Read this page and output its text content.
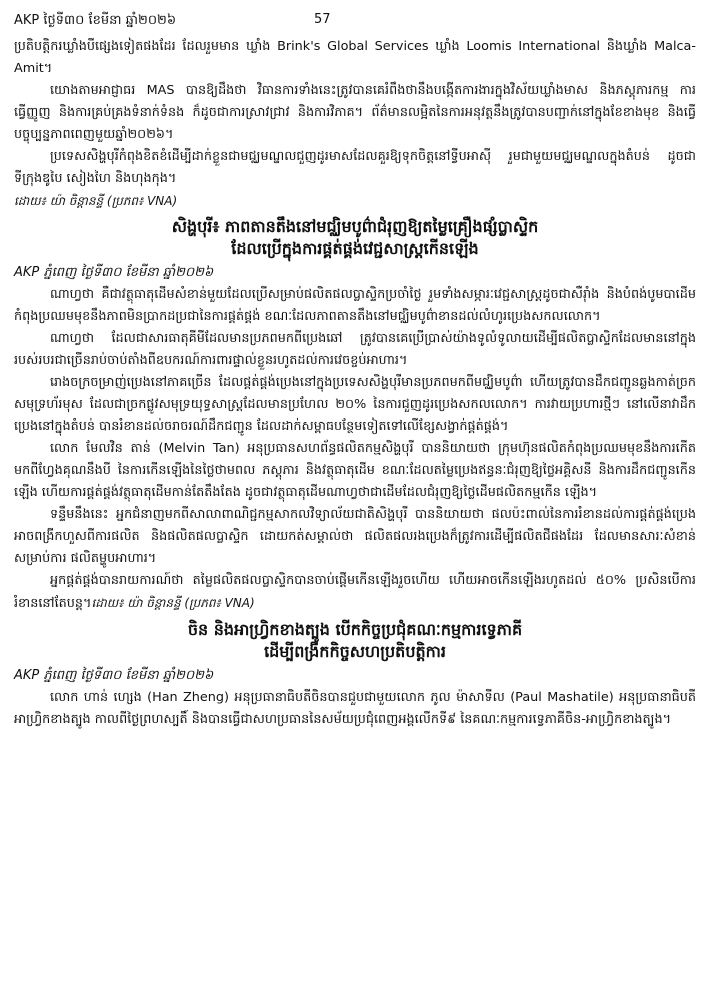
AKP ថ្ងៃទី៣០ ខែមីនា ឆ្នាំ២០២៦	57

ប្រតិបត្តិករឃ្លាំងបីផ្សេងទៀតផងដែរ ដែលរួមមាន ឃ្លាំង Brink's Global Services ឃ្លាំង Loomis International និងឃ្លាំង Malca-Amit។

យោងតាមអាជ្ញាធរ MAS បានឱ្យដឹងថា វិធានការទាំងនេះត្រូវបានគេរំពឹងថានឹងបង្កើតការងារក្នុងវិស័យឃ្លាំងមាស និងភស្តុភារកម្ម ការធ្វើញ្ញូញ និងការគ្រប់គ្រងទំនាក់ទំនង ក៏ដូចជាការស្រាវជ្រាវ និងការវិភាគ។ ព័ត៌មានលម្អិតនៃការអនុវត្តនឹងត្រូវបានបញ្ជាក់នៅក្នុងខែខាងមុខ និងធ្វើបច្ចុប្បន្នភាពពេញមួយឆ្នាំ២០២៦។

ប្រទេសសិង្ហបុរីកំពុងខិតខំដើម្បីដាក់ខ្លួនជាមជ្ឈមណ្ឌលជួញដូរមាសដែលគួរឱ្យទុកចិត្តនៅទ្វីបអាស៊ី រួមជាមួយមជ្ឈមណ្ឌលក្នុងតំបន់ ដូចជាទីក្រុងឌូបៃ សៀងហៃ និងហុងកុង។

ដោយ៖ យ៉ា ចិន្តានន្ទី (ប្រភព៖ VNA)
សិង្ហបុរី៖ ភាពតានតឹងនៅមជ្ឈិមបូព៌ាជំរុញឱ្យតម្លៃគ្រឿងផ្សំប្លាស្ទិក
ដែលប្រើក្នុងការផ្គត់ផ្គង់វេជ្ជសាស្ត្រកើនឡើង
AKP ភ្នំពេញ ថ្ងៃទី៣០ ខែមីនា ឆ្នាំ២០២៦

ណាហ្វថា គឺជាវត្ថុធាតុដើមសំខាន់មួយដែលប្រើសម្រាប់ផលិតផលប្លាស្ទិកប្រចាំថ្ងៃ រួមទាំងសម្ភារៈវេជ្ជសាស្ត្រដូចជាសឺរ៉ាំង និងបំពង់បូមបាដើម កំពុងប្រឈមមុខនឹងភាពមិនប្រាកដប្រជានៃការផ្គត់ផ្គង់ ខណៈដែលភាពតានតឹងនៅមជ្ឈិមបូព៌ាខានដល់លំហូរប្រេងសកលលោក។

ណាហ្វថា ដែលជាសារធាតុគីមីដែលមានប្រភពមកពីប្រេងឆៅ ត្រូវបានគេប្រើប្រាស់យ៉ាងទូលំទូលាយដើម្បីផលិតប្លាស្ទិកដែលមាននៅក្នុងរបស់របរជាច្រើនរាប់ចាប់តាំងពីឧបករណ៍ការពារផ្ទាល់ខ្លួនរហូតដល់ការវេចខ្ចប់អាហារ។

រោងចក្រចម្រាញ់ប្រេងនៅភាគច្រើន ដែលផ្គត់ផ្គង់ប្រេងនៅក្នុងប្រទេសសិង្ហបុរីមានប្រភពមកពីមជ្ឈិមបូព៌ា ហើយត្រូវបានដឹកជញ្ជូនឆ្លងកាត់ច្រកសមុទ្រហ័រមុស ដែលជាច្រកផ្លូវសមុទ្រយុទ្ធសាស្ត្រដែលមានប្រហែល ២០% នៃការជួញដូរប្រេងសកលលោក។ ការវាយប្រហារថ្មីៗ នៅលើនាវាដឹកប្រេងនៅក្នុងតំបន់ បានរំខានដល់ចរាចរណ៍ដឹកជញ្ជូន ដែលដាក់សម្ពាធបន្ថែមទៀតទៅលើខ្សែសង្វាក់ផ្គត់ផ្គង់។

លោក មែលវិន តាន់ (Melvin Tan) អនុប្រធានសហព័ន្ធផលិតកម្មសិង្ហបុរី បាននិយាយថា ក្រុមហ៊ុនផលិតកំពុងប្រឈមមុខនឹងការកើតមកពីហ្វែងគុណនឹងបី នៃការកើនឡើងនៃថ្លៃថាមពល ភស្តុភារ និងវត្ថុធាតុដើម ខណៈដែលតម្លៃប្រេងឥន្ធនៈជំរុញឱ្យថ្លៃអគ្គិសនី និងការដឹកជញ្ជូនកើនឡើង ហើយការផ្គត់ផ្គង់វត្ថុធាតុដើមកាន់តែតឹងតែង ដូចជាវត្ថុធាតុដើមណាហ្វថាជាដើមដែលជំរុញឱ្យថ្លៃដើមផលិតកម្មកើន ឡើង។

ទន្ទឹមនឹងនេះ អ្នកជំនាញមកពីសាលាពាណិជ្ជកម្មសាកលវិទ្យាល័យជាតិសិង្ហបុរី បាននិយាយថា ផលប៉ះពាល់នៃការរំខានដល់ការផ្គត់ផ្គង់ប្រេងអាចពង្រីកហួសពីការផលិត និងផលិតផលប្លាស្ទិក ដោយកត់សម្គាល់ថា ផលិតផលរងប្រេងក៏ត្រូវការដើម្បីផលិតជីផងដែរ ដែលមានសារៈសំខាន់សម្រាប់ការ ផលិតម្ហូបអាហារ។

អ្នកផ្គត់ផ្គង់បានរាយការណ៍ថា តម្លៃផលិតផលប្លាស្ទិកបានចាប់ផ្តើមកើនឡើងរួចហើយ ហើយអាចកើនឡើងរហូតដល់ ៥០% ប្រសិនបើការរំខាននៅតែបន្ត។ដោយ៖ យ៉ា ចិន្តានន្ទី (ប្រភព៖ VNA)

ចិន និងអាហ្រ្វិកខាងត្បូង បើកកិច្ចប្រជុំគណៈកម្មការទេ្វភាគី
ដើម្បីពង្រីកកិច្ចសហប្រតិបត្តិការ
AKP ភ្នំពេញ ថ្ងៃទី៣០ ខែមីនា ឆ្នាំ២០២៦

លោក ហាន់ ហ្សេង (Han Zheng) អនុប្រធានាធិបតីចិនបានជួបជាមួយលោក ភូល ម៉ាសាទីល (Paul Mashatile) អនុប្រធានាធិបតីអាហ្វ្រិកខាងត្បូង កាលពីថ្ងៃព្រហស្បតិ៍ និងបានធ្វើជាសហប្រធាននៃសម័យប្រជុំពេញអង្គលើកទី៩ នៃគណៈកម្មការទេ្វភាគីចិន-អាហ្វ្រិកខាងត្បូង។
